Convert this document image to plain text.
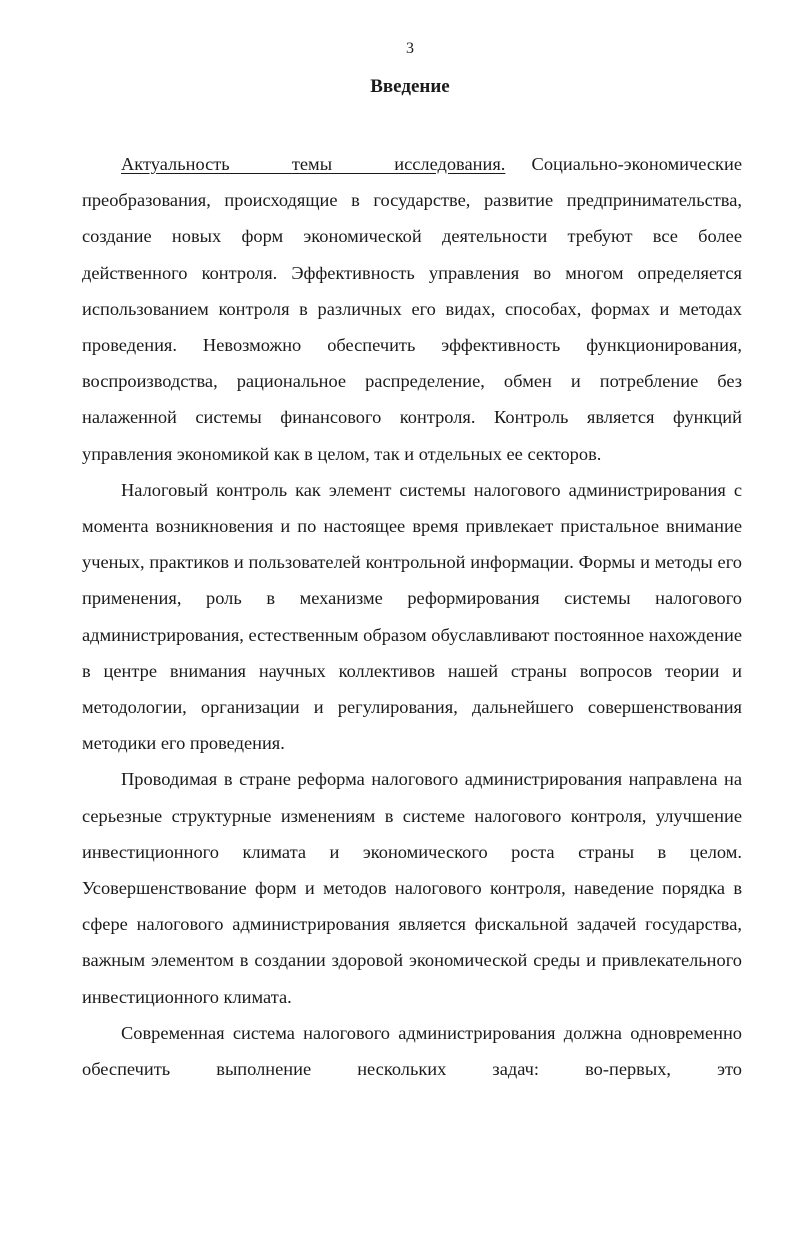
3
Введение

Актуальность темы исследования. Социально-экономические преобразования, происходящие в государстве, развитие предпринимательства, создание новых форм экономической деятельности требуют все более действенного контроля. Эффективность управления во многом определяется использованием контроля в различных его видах, способах, формах и методах проведения. Невозможно обеспечить эффективность функционирования, воспроизводства, рациональное распределение, обмен и потребление без налаженной системы финансового контроля. Контроль является функций управления экономикой как в целом, так и отдельных ее секторов.

Налоговый контроль как элемент системы налогового администрирования с момента возникновения и по настоящее время привлекает пристальное внимание ученых, практиков и пользователей контрольной информации. Формы и методы его применения, роль в механизме реформирования системы налогового администрирования, естественным образом обуславливают постоянное нахождение в центре внимания научных коллективов нашей страны вопросов теории и методологии, организации и регулирования, дальнейшего совершенствования методики его проведения.

Проводимая в стране реформа налогового администрирования направлена на серьезные структурные изменениям в системе налогового контроля, улучшение инвестиционного климата и экономического роста страны в целом. Усовершенствование форм и методов налогового контроля, наведение порядка в сфере налогового администрирования является фискальной задачей государства, важным элементом в создании здоровой экономической среды и привлекательного инвестиционного климата.

Современная система налогового администрирования должна одновременно обеспечить выполнение нескольких задач: во-первых, это
